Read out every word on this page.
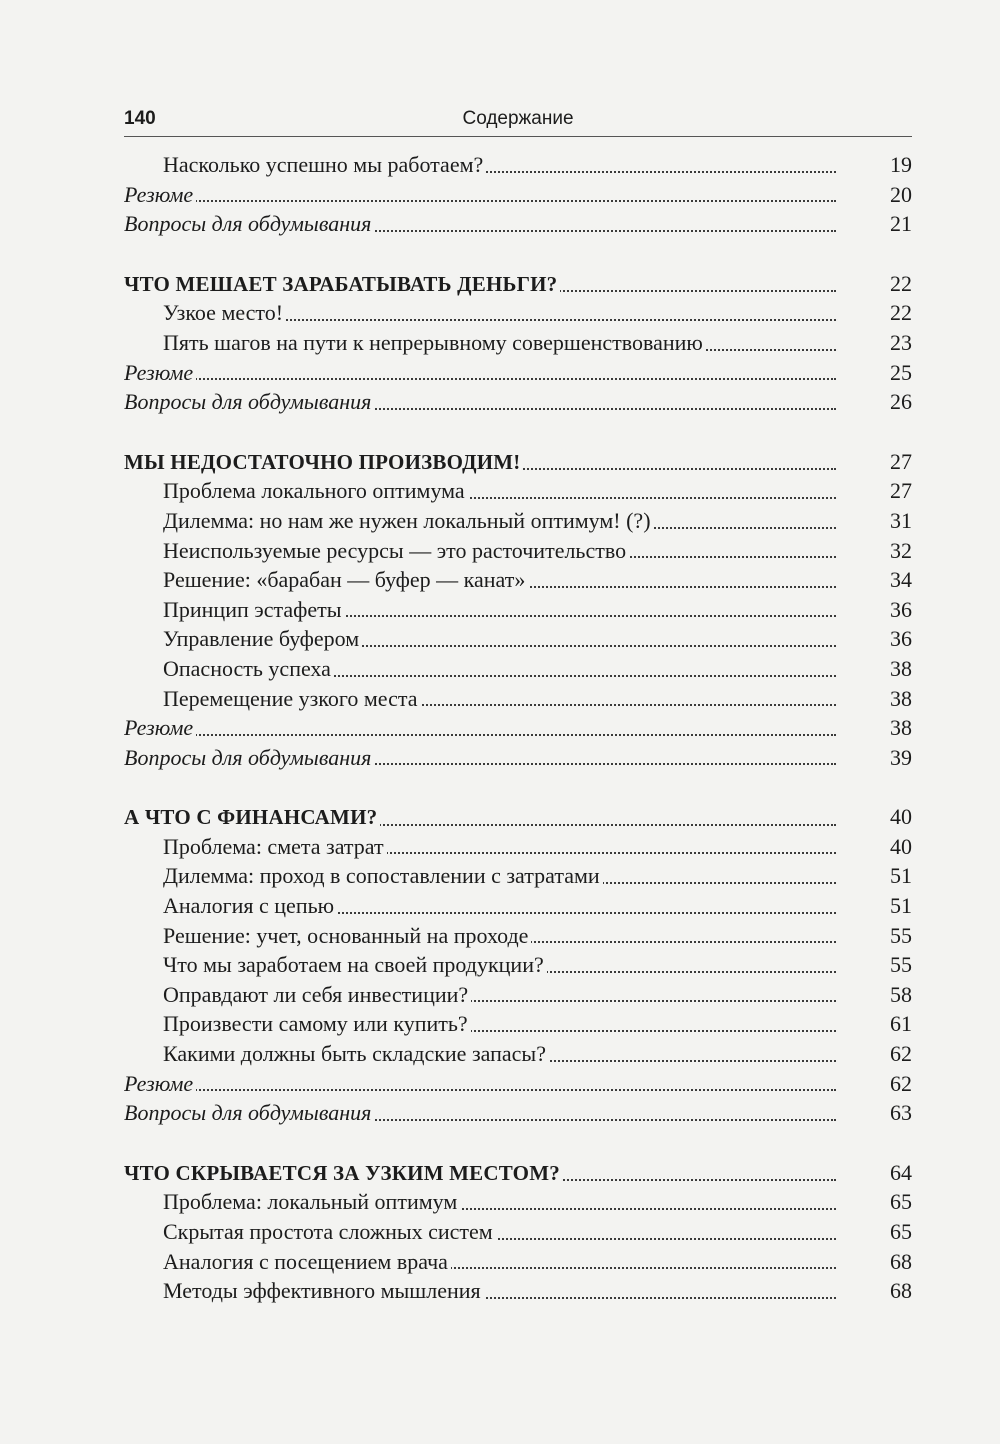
140	Содержание
Насколько успешно мы работаем?	19
Резюме	20
Вопросы для обдумывания	21
ЧТО МЕШАЕТ ЗАРАБАТЫВАТЬ ДЕНЬГИ?	22
Узкое место!	22
Пять шагов на пути к непрерывному совершенствованию	23
Резюме	25
Вопросы для обдумывания	26
МЫ НЕДОСТАТОЧНО ПРОИЗВОДИМ!	27
Проблема локального оптимума	27
Дилемма: но нам же нужен локальный оптимум! (?)	31
Неиспользуемые ресурсы — это расточительство	32
Решение: «барабан — буфер — канат»	34
Принцип эстафеты	36
Управление буфером	36
Опасность успеха	38
Перемещение узкого места	38
Резюме	38
Вопросы для обдумывания	39
А ЧТО С ФИНАНСАМИ?	40
Проблема: смета затрат	40
Дилемма: проход в сопоставлении с затратами	51
Аналогия с цепью	51
Решение: учет, основанный на проходе	55
Что мы заработаем на своей продукции?	55
Оправдают ли себя инвестиции?	58
Произвести самому или купить?	61
Какими должны быть складские запасы?	62
Резюме	62
Вопросы для обдумывания	63
ЧТО СКРЫВАЕТСЯ ЗА УЗКИМ МЕСТОМ?	64
Проблема: локальный оптимум	65
Скрытая простота сложных систем	65
Аналогия с посещением врача	68
Методы эффективного мышления	68
